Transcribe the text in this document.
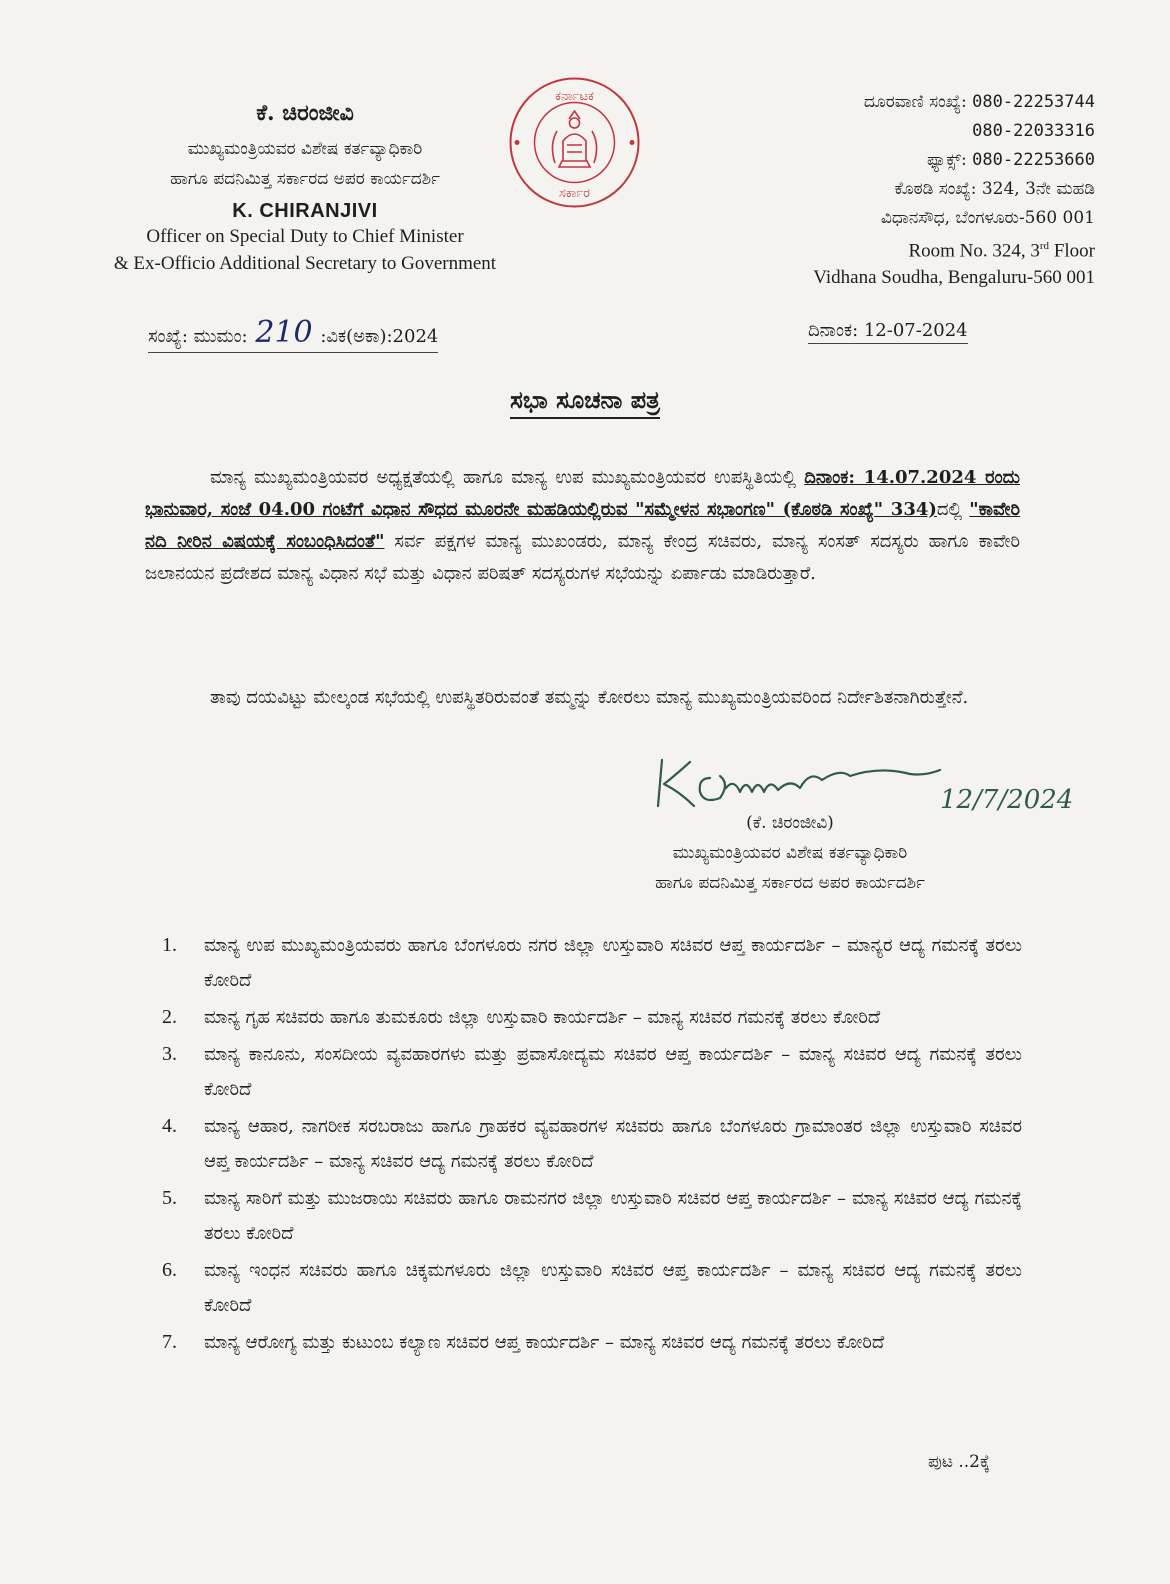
ಕೆ. ಚಿರಂಜೀವಿ
ಮುಖ್ಯಮಂತ್ರಿಯವರ ವಿಶೇಷ ಕರ್ತವ್ಯಾಧಿಕಾರಿ
ಹಾಗೂ ಪದನಿಮಿತ್ತ ಸರ್ಕಾರದ ಅಪರ ಕಾರ್ಯದರ್ಶಿ
K. CHIRANJIVI
Officer on Special Duty to Chief Minister
& Ex-Officio Additional Secretary to Government
ಕರ್ನಾಟಕ
ಸರ್ಕಾರ
ದೂರವಾಣಿ ಸಂಖ್ಯೆ: 080-22253744
080-22033316
ಫ್ಯಾಕ್ಸ್: 080-22253660
ಕೊಠಡಿ ಸಂಖ್ಯೆ: 324, 3ನೇ ಮಹಡಿ
ವಿಧಾನಸೌಧ, ಬೆಂಗಳೂರು-560 001
Room No. 324, 3rd Floor
Vidhana Soudha, Bengaluru-560 001
ಸಂಖ್ಯೆ: ಮುಮಂ: 210 :ವಿಕ(ಅಕಾ):2024	ದಿನಾಂಕ: 12-07-2024
ಸಭಾ ಸೂಚನಾ ಪತ್ರ
ಮಾನ್ಯ ಮುಖ್ಯಮಂತ್ರಿಯವರ ಅಧ್ಯಕ್ಷತೆಯಲ್ಲಿ ಹಾಗೂ ಮಾನ್ಯ ಉಪ ಮುಖ್ಯಮಂತ್ರಿಯವರ ಉಪಸ್ಥಿತಿಯಲ್ಲಿ ದಿನಾಂಕ: 14.07.2024 ರಂದು ಭಾನುವಾರ, ಸಂಜೆ 04.00 ಗಂಟೆಗೆ ವಿಧಾನ ಸೌಧದ ಮೂರನೇ ಮಹಡಿಯಲ್ಲಿರುವ "ಸಮ್ಮೇಳನ ಸಭಾಂಗಣ" (ಕೊಠಡಿ ಸಂಖ್ಯೆ" 334)ದಲ್ಲಿ "ಕಾವೇರಿ ನದಿ ನೀರಿನ ವಿಷಯಕ್ಕೆ ಸಂಬಂಧಿಸಿದಂತೆ" ಸರ್ವ ಪಕ್ಷಗಳ ಮಾನ್ಯ ಮುಖಂಡರು, ಮಾನ್ಯ ಕೇಂದ್ರ ಸಚಿವರು, ಮಾನ್ಯ ಸಂಸತ್ ಸದಸ್ಯರು ಹಾಗೂ ಕಾವೇರಿ ಜಲಾನಯನ ಪ್ರದೇಶದ ಮಾನ್ಯ ವಿಧಾನ ಸಭೆ ಮತ್ತು ವಿಧಾನ ಪರಿಷತ್ ಸದಸ್ಯರುಗಳ ಸಭೆಯನ್ನು ಏರ್ಪಾಡು ಮಾಡಿರುತ್ತಾರೆ.
ತಾವು ದಯವಿಟ್ಟು ಮೇಲ್ಕಂಡ ಸಭೆಯಲ್ಲಿ ಉಪಸ್ಥಿತರಿರುವಂತೆ ತಮ್ಮನ್ನು ಕೋರಲು ಮಾನ್ಯ ಮುಖ್ಯಮಂತ್ರಿಯವರಿಂದ ನಿರ್ದೇಶಿತನಾಗಿರುತ್ತೇನೆ.
12/7/2024
(ಕೆ. ಚಿರಂಜೀವಿ)
ಮುಖ್ಯಮಂತ್ರಿಯವರ ವಿಶೇಷ ಕರ್ತವ್ಯಾಧಿಕಾರಿ
ಹಾಗೂ ಪದನಿಮಿತ್ತ ಸರ್ಕಾರದ ಅಪರ ಕಾರ್ಯದರ್ಶಿ
1.	ಮಾನ್ಯ ಉಪ ಮುಖ್ಯಮಂತ್ರಿಯವರು ಹಾಗೂ ಬೆಂಗಳೂರು ನಗರ ಜಿಲ್ಲಾ ಉಸ್ತುವಾರಿ ಸಚಿವರ ಆಪ್ತ ಕಾರ್ಯದರ್ಶಿ – ಮಾನ್ಯರ ಆದ್ಯ ಗಮನಕ್ಕೆ ತರಲು ಕೋರಿದೆ
2.	ಮಾನ್ಯ ಗೃಹ ಸಚಿವರು ಹಾಗೂ ತುಮಕೂರು ಜಿಲ್ಲಾ ಉಸ್ತುವಾರಿ ಕಾರ್ಯದರ್ಶಿ – ಮಾನ್ಯ ಸಚಿವರ ಗಮನಕ್ಕೆ ತರಲು ಕೋರಿದೆ
3.	ಮಾನ್ಯ ಕಾನೂನು, ಸಂಸದೀಯ ವ್ಯವಹಾರಗಳು ಮತ್ತು ಪ್ರವಾಸೋದ್ಯಮ ಸಚಿವರ ಆಪ್ತ ಕಾರ್ಯದರ್ಶಿ – ಮಾನ್ಯ ಸಚಿವರ ಆದ್ಯ ಗಮನಕ್ಕೆ ತರಲು ಕೋರಿದೆ
4.	ಮಾನ್ಯ ಆಹಾರ, ನಾಗರೀಕ ಸರಬರಾಜು ಹಾಗೂ ಗ್ರಾಹಕರ ವ್ಯವಹಾರಗಳ ಸಚಿವರು ಹಾಗೂ ಬೆಂಗಳೂರು ಗ್ರಾಮಾಂತರ ಜಿಲ್ಲಾ ಉಸ್ತುವಾರಿ ಸಚಿವರ ಆಪ್ತ ಕಾರ್ಯದರ್ಶಿ – ಮಾನ್ಯ ಸಚಿವರ ಆದ್ಯ ಗಮನಕ್ಕೆ ತರಲು ಕೋರಿದೆ
5.	ಮಾನ್ಯ ಸಾರಿಗೆ ಮತ್ತು ಮುಜರಾಯಿ ಸಚಿವರು ಹಾಗೂ ರಾಮನಗರ ಜಿಲ್ಲಾ ಉಸ್ತುವಾರಿ ಸಚಿವರ ಆಪ್ತ ಕಾರ್ಯದರ್ಶಿ – ಮಾನ್ಯ ಸಚಿವರ ಆದ್ಯ ಗಮನಕ್ಕೆ ತರಲು ಕೋರಿದೆ
6.	ಮಾನ್ಯ ಇಂಧನ ಸಚಿವರು ಹಾಗೂ ಚಿಕ್ಕಮಗಳೂರು ಜಿಲ್ಲಾ ಉಸ್ತುವಾರಿ ಸಚಿವರ ಆಪ್ತ ಕಾರ್ಯದರ್ಶಿ – ಮಾನ್ಯ ಸಚಿವರ ಆದ್ಯ ಗಮನಕ್ಕೆ ತರಲು ಕೋರಿದೆ
7.	ಮಾನ್ಯ ಆರೋಗ್ಯ ಮತ್ತು ಕುಟುಂಬ ಕಲ್ಯಾಣ ಸಚಿವರ ಆಪ್ತ ಕಾರ್ಯದರ್ಶಿ – ಮಾನ್ಯ ಸಚಿವರ ಆದ್ಯ ಗಮನಕ್ಕೆ ತರಲು ಕೋರಿದೆ
ಪುಟ ..2ಕ್ಕೆ
